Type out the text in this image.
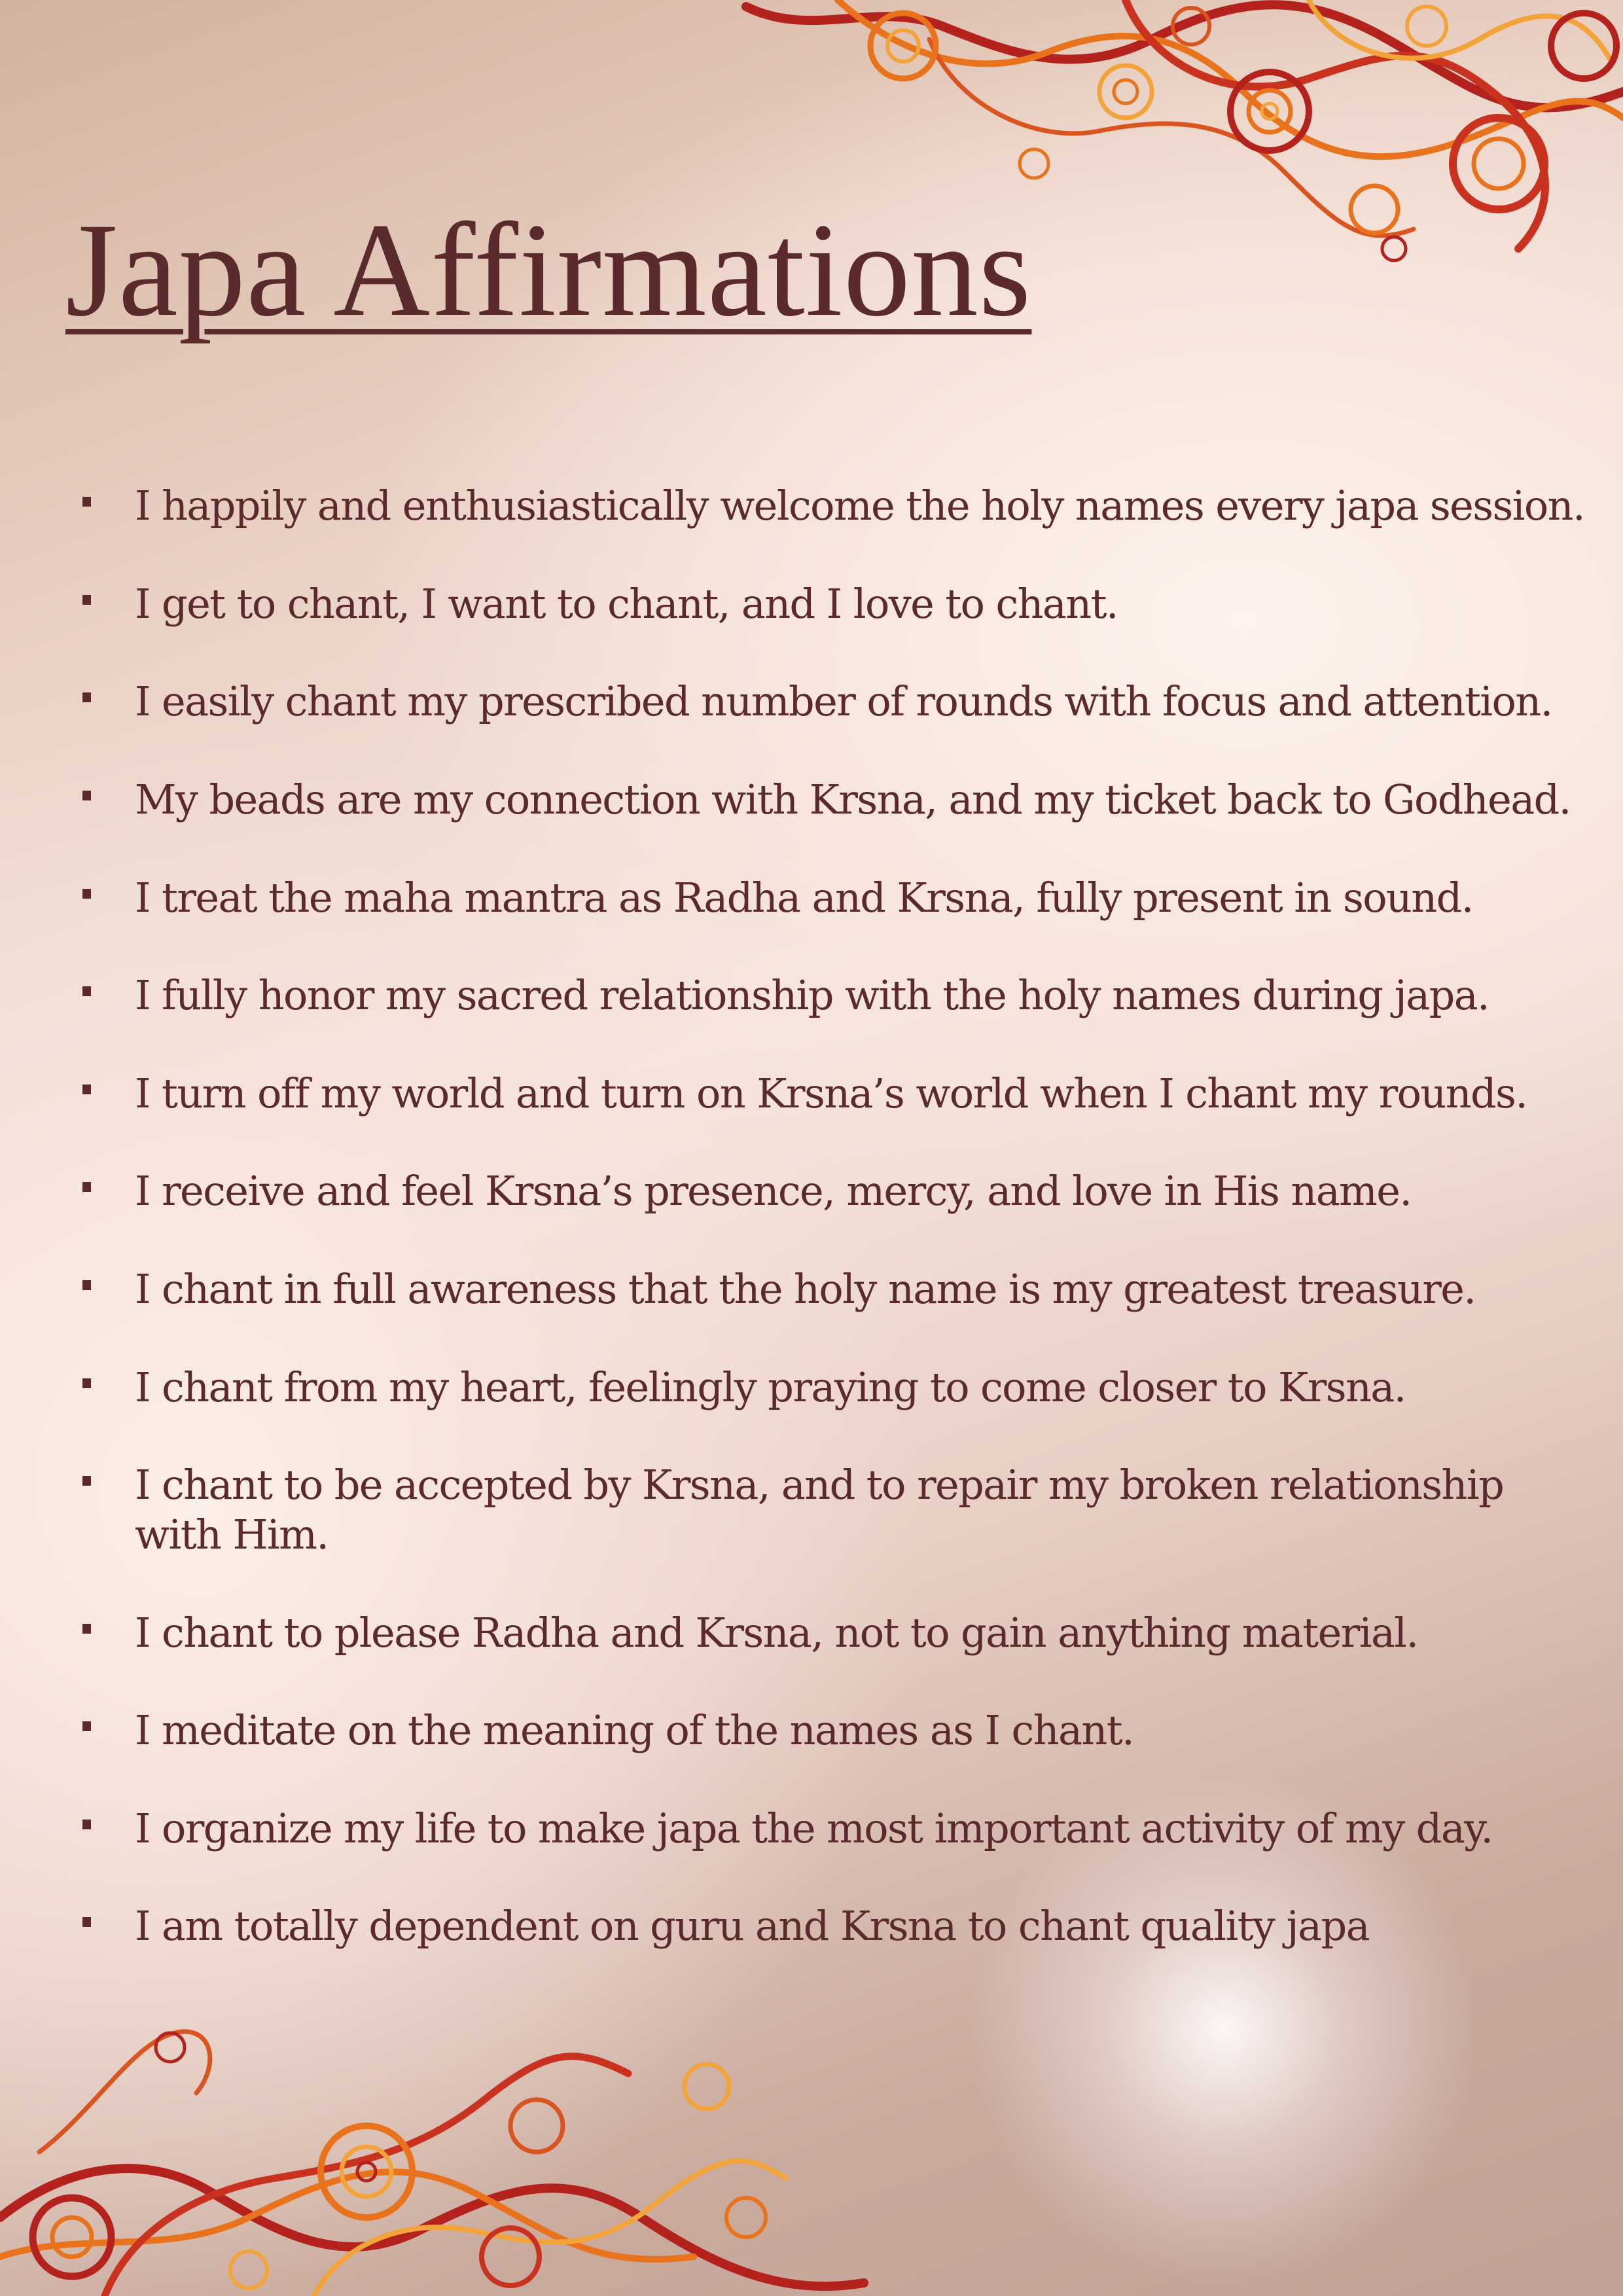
Japa Affirmations
I happily and enthusiastically welcome the holy names every japa session.
I get to chant, I want to chant, and I love to chant.
I easily chant my prescribed number of rounds with focus and attention.
My beads are my connection with Krsna, and my ticket back to Godhead.
I treat the maha mantra as Radha and Krsna, fully present in sound.
I fully honor my sacred relationship with the holy names during japa.
I turn off my world and turn on Krsna’s world when I chant my rounds.
I receive and feel Krsna’s presence, mercy, and love in His name.
I chant in full awareness that the holy name is my greatest treasure.
I chant from my heart, feelingly praying to come closer to Krsna.
I chant to be accepted by Krsna, and to repair my broken relationship with Him.
I chant to please Radha and Krsna, not to gain anything material.
I meditate on the meaning of the names as I chant.
I organize my life to make japa the most important activity of my day.
I am totally dependent on guru and Krsna to chant quality japa
